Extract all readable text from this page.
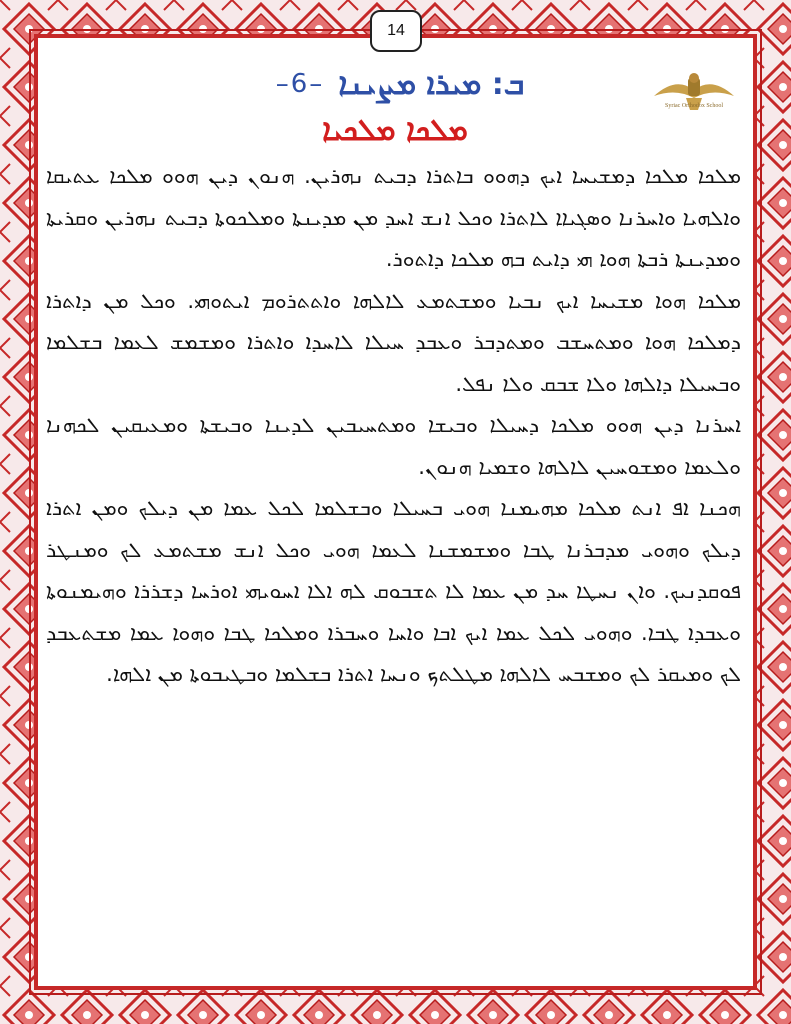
14
–6– ܒ: ܡܝܪܐ ܡܨܝܢܐ
ܡܠܟܐ ܡܠܟܝܐ
Syriac Orthodox School

ܡܠܟܐ ܡܠܟܐ ܕܡܫܝܚܐ ܐܝܟ ܕܗܘܘ ܒܐܬܪܐ ܕܒܝܬ ܢܗܪܝܢ. ܗܢܘܢ ܕܝܢ ܗܘܘ ܡܠܟܐ ܥܬܝܩܐ ܘܐܠܗܝܐ ܘܐܚܪܢܐ ܘܣܓܝܐܐ ܠܐܬܪܐ ܘܟܠ ܐܢܫ ܐܚܕ ܡܢ ܡܕܝܢܬܐ ܘܡܠܟܘܬܐ ܕܒܝܬ ܢܗܪܝܢ ܘܩܪܝܬܐ ܘܡܕܝܢܬܐ ܪܒܬܐ ܗܘܐ ܗܝ ܕܐܝܬ ܒܗ ܡܠܟܐ ܕܐܬܘܪ.

ܡܠܟܐ ܗܘܐ ܡܫܝܚܐ ܐܝܟ ܢܒܝܐ ܘܡܫܬܡܥ ܠܐܠܗܐ ܘܐܬܬܪܘܡ ܐܝܬܘܗܝ. ܘܟܠ ܡܢ ܕܐܬܪܐ ܕܡܠܟܐ ܗܘܐ ܘܡܬܚܫܒ ܘܡܬܕܒܪ ܘܥܒܕ ܚܝܠܐ ܠܐܚܕܐ ܘܐܬܪܐ ܘܡܫܡܫ ܠܥܡܐ ܒܫܠܡܐ ܘܒܚܝܠܐ ܕܐܠܗܐ ܘܠܐ ܫܒܩ ܘܠܐ ܢܦܠ.

ܐܚܪܢܐ ܕܝܢ ܗܘܘ ܡܠܟܐ ܕܚܝܠܐ ܘܒܝܫܐ ܘܡܬܚܝܒܝܢ ܠܕܝܢܐ ܘܒܝܫܬܐ ܘܡܥܝܩܝܢ ܠܟܗܢܐ ܘܠܥܡܐ ܘܡܫܘܚܝܢ ܠܐܠܗܐ ܘܫܡܝܐ ܗܢܘܢ.

ܗܟܢܐ ܐܦ ܐܢܬ ܡܠܟܐ ܡܗܝܡܢܐ ܗܘܝ ܒܚܝܠܐ ܘܒܫܠܡܐ ܠܟܠ ܥܡܐ ܡܢ ܕܝܠܟ ܘܡܢ ܐܬܪܐ ܕܝܠܟ ܘܗܘܝ ܡܕܒܪܢܐ ܛܒܐ ܘܡܫܡܫܢܐ ܠܥܡܐ ܗܘܝ ܘܟܠ ܐܢܫ ܡܫܬܡܥ ܠܟ ܘܡܢܛܪ ܦܘܩܕܢܝܟ. ܘܐܢ ܢܚܛܐ ܚܕ ܡܢ ܥܡܐ ܠܐ ܬܫܒܘܩ ܠܗ ܐܠܐ ܐܚܘܝܗܝ ܐܘܪܚܐ ܕܫܪܪܐ ܘܗܝܡܢܘܬܐ ܘܥܒܕܐ ܛܒܐ. ܘܗܘܝ ܠܟܠ ܥܡܐ ܐܝܟ ܐܒܐ ܘܐܚܐ ܘܚܒܪܐ ܘܡܠܟܐ ܛܒܐ ܘܗܘܐ ܥܡܐ ܡܫܬܥܒܕ ܠܟ ܘܡܝܩܪ ܠܟ ܘܡܫܒܚ ܠܐܠܗܐ ܡܛܠܬܟ ܘܢܚܐ ܐܬܪܐ ܒܫܠܡܐ ܘܒܛܝܒܘܬܐ ܡܢ ܐܠܗܐ.
